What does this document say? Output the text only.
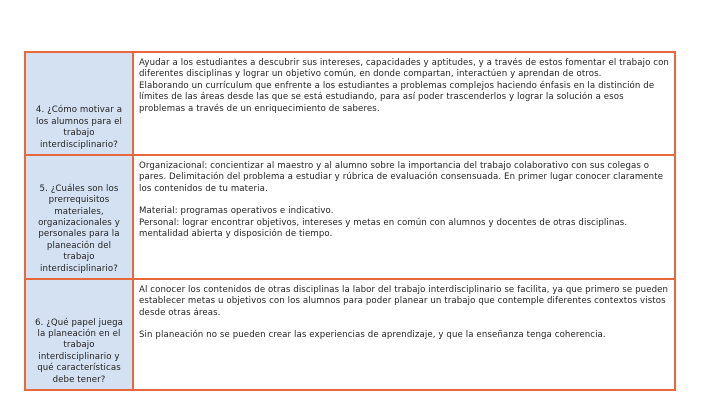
4. ¿Cómo motivar a los alumnos para el trabajo interdisciplinario?	Ayudar a los estudiantes a descubrir sus intereses, capacidades y aptitudes, y a través de estos fomentar el trabajo con diferentes disciplinas y lograr un objetivo común, en donde compartan, interactúen y aprendan de otros.
Elaborando un currículum que enfrente a los estudiantes a problemas complejos haciendo énfasis en la distinción de límites de las áreas desde las que se está estudiando, para así poder trascenderlos y lograr la solución a esos problemas a través de un enriquecimiento de saberes.

5. ¿Cuáles son los prerrequisitos materiales, organizacionales y personales para la planeación del trabajo interdisciplinario?	Organizacional: concientizar al maestro y al alumno sobre la importancia del trabajo colaborativo con sus colegas o pares. Delimitación del problema a estudiar y rúbrica de evaluación consensuada. En primer lugar conocer claramente los contenidos de tu materia.
Material: programas operativos e indicativo.
Personal: lograr encontrar objetivos, intereses y metas en común con alumnos y docentes de otras disciplinas. mentalidad abierta y disposición de tiempo.

6. ¿Qué papel juega la planeación en el trabajo interdisciplinario y qué características debe tener?	Al conocer los contenidos de otras disciplinas la labor del trabajo interdisciplinario se facilita, ya que primero se pueden establecer metas u objetivos con los alumnos para poder planear un trabajo que contemple diferentes contextos vistos desde otras áreas.
Sin planeación no se pueden crear las experiencias de aprendizaje, y que la enseñanza tenga coherencia.
